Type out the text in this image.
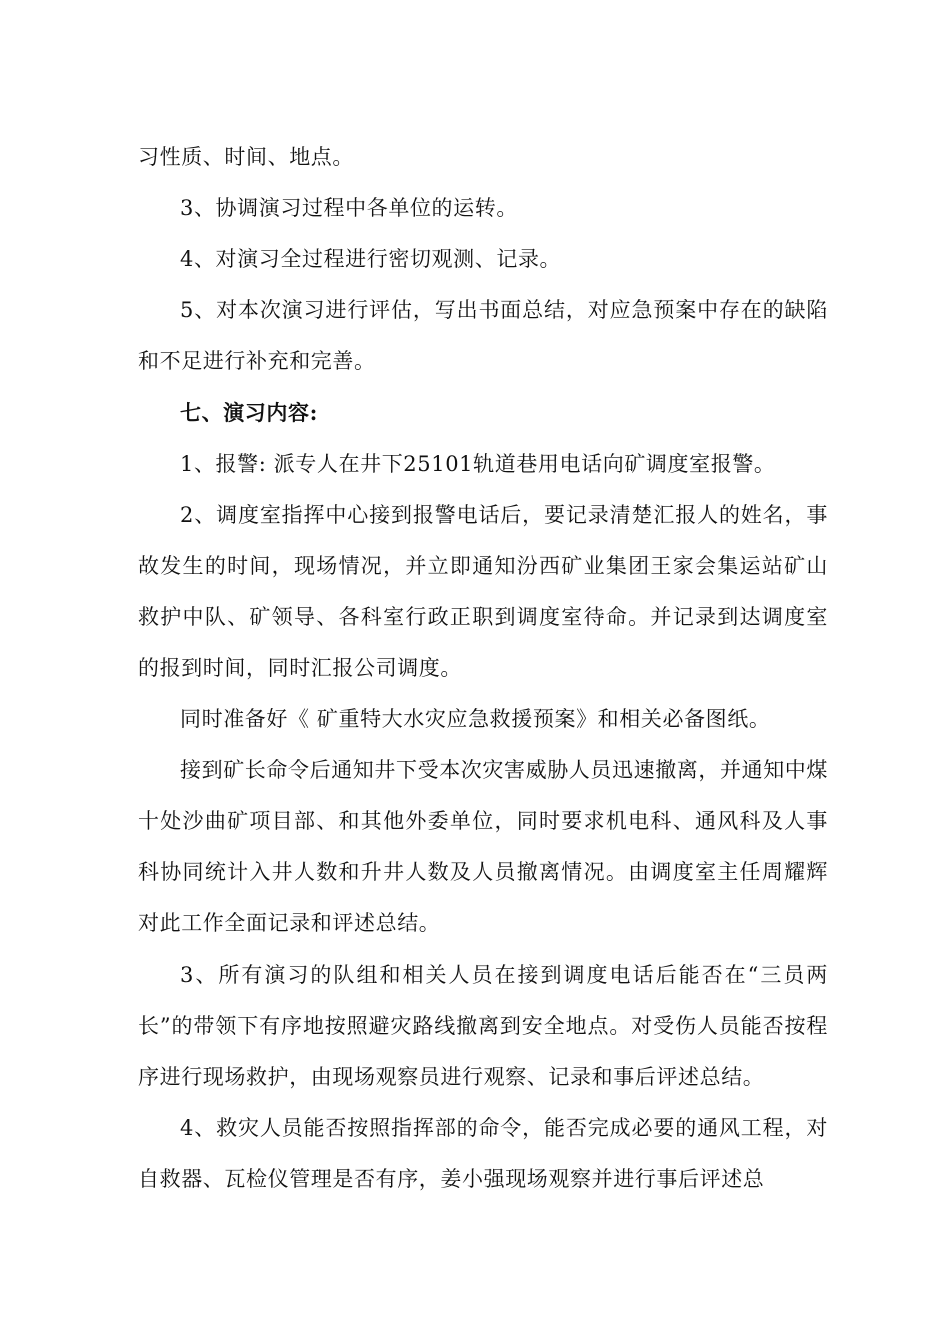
习性质、时间、地点。

3、协调演习过程中各单位的运转。

4、对演习全过程进行密切观测、记录。

5、对本次演习进行评估，写出书面总结，对应急预案中存在的缺陷和不足进行补充和完善。

七、演习内容:

1、报警: 派专人在井下25101轨道巷用电话向矿调度室报警。

2、调度室指挥中心接到报警电话后，要记录清楚汇报人的姓名，事故发生的时间，现场情况，并立即通知汾西矿业集团王家会集运站矿山救护中队、矿领导、各科室行政正职到调度室待命。并记录到达调度室的报到时间，同时汇报公司调度。

同时准备好《 矿重特大水灾应急救援预案》和相关必备图纸。

接到矿长命令后通知井下受本次灾害威胁人员迅速撤离，并通知中煤十处沙曲矿项目部、和其他外委单位，同时要求机电科、通风科及人事科协同统计入井人数和升井人数及人员撤离情况。由调度室主任周耀辉对此工作全面记录和评述总结。

3、所有演习的队组和相关人员在接到调度电话后能否在“三员两长”的带领下有序地按照避灾路线撤离到安全地点。对受伤人员能否按程序进行现场救护，由现场观察员进行观察、记录和事后评述总结。

4、救灾人员能否按照指挥部的命令，能否完成必要的通风工程，对自救器、瓦检仪管理是否有序，姜小强现场观察并进行事后评述总
